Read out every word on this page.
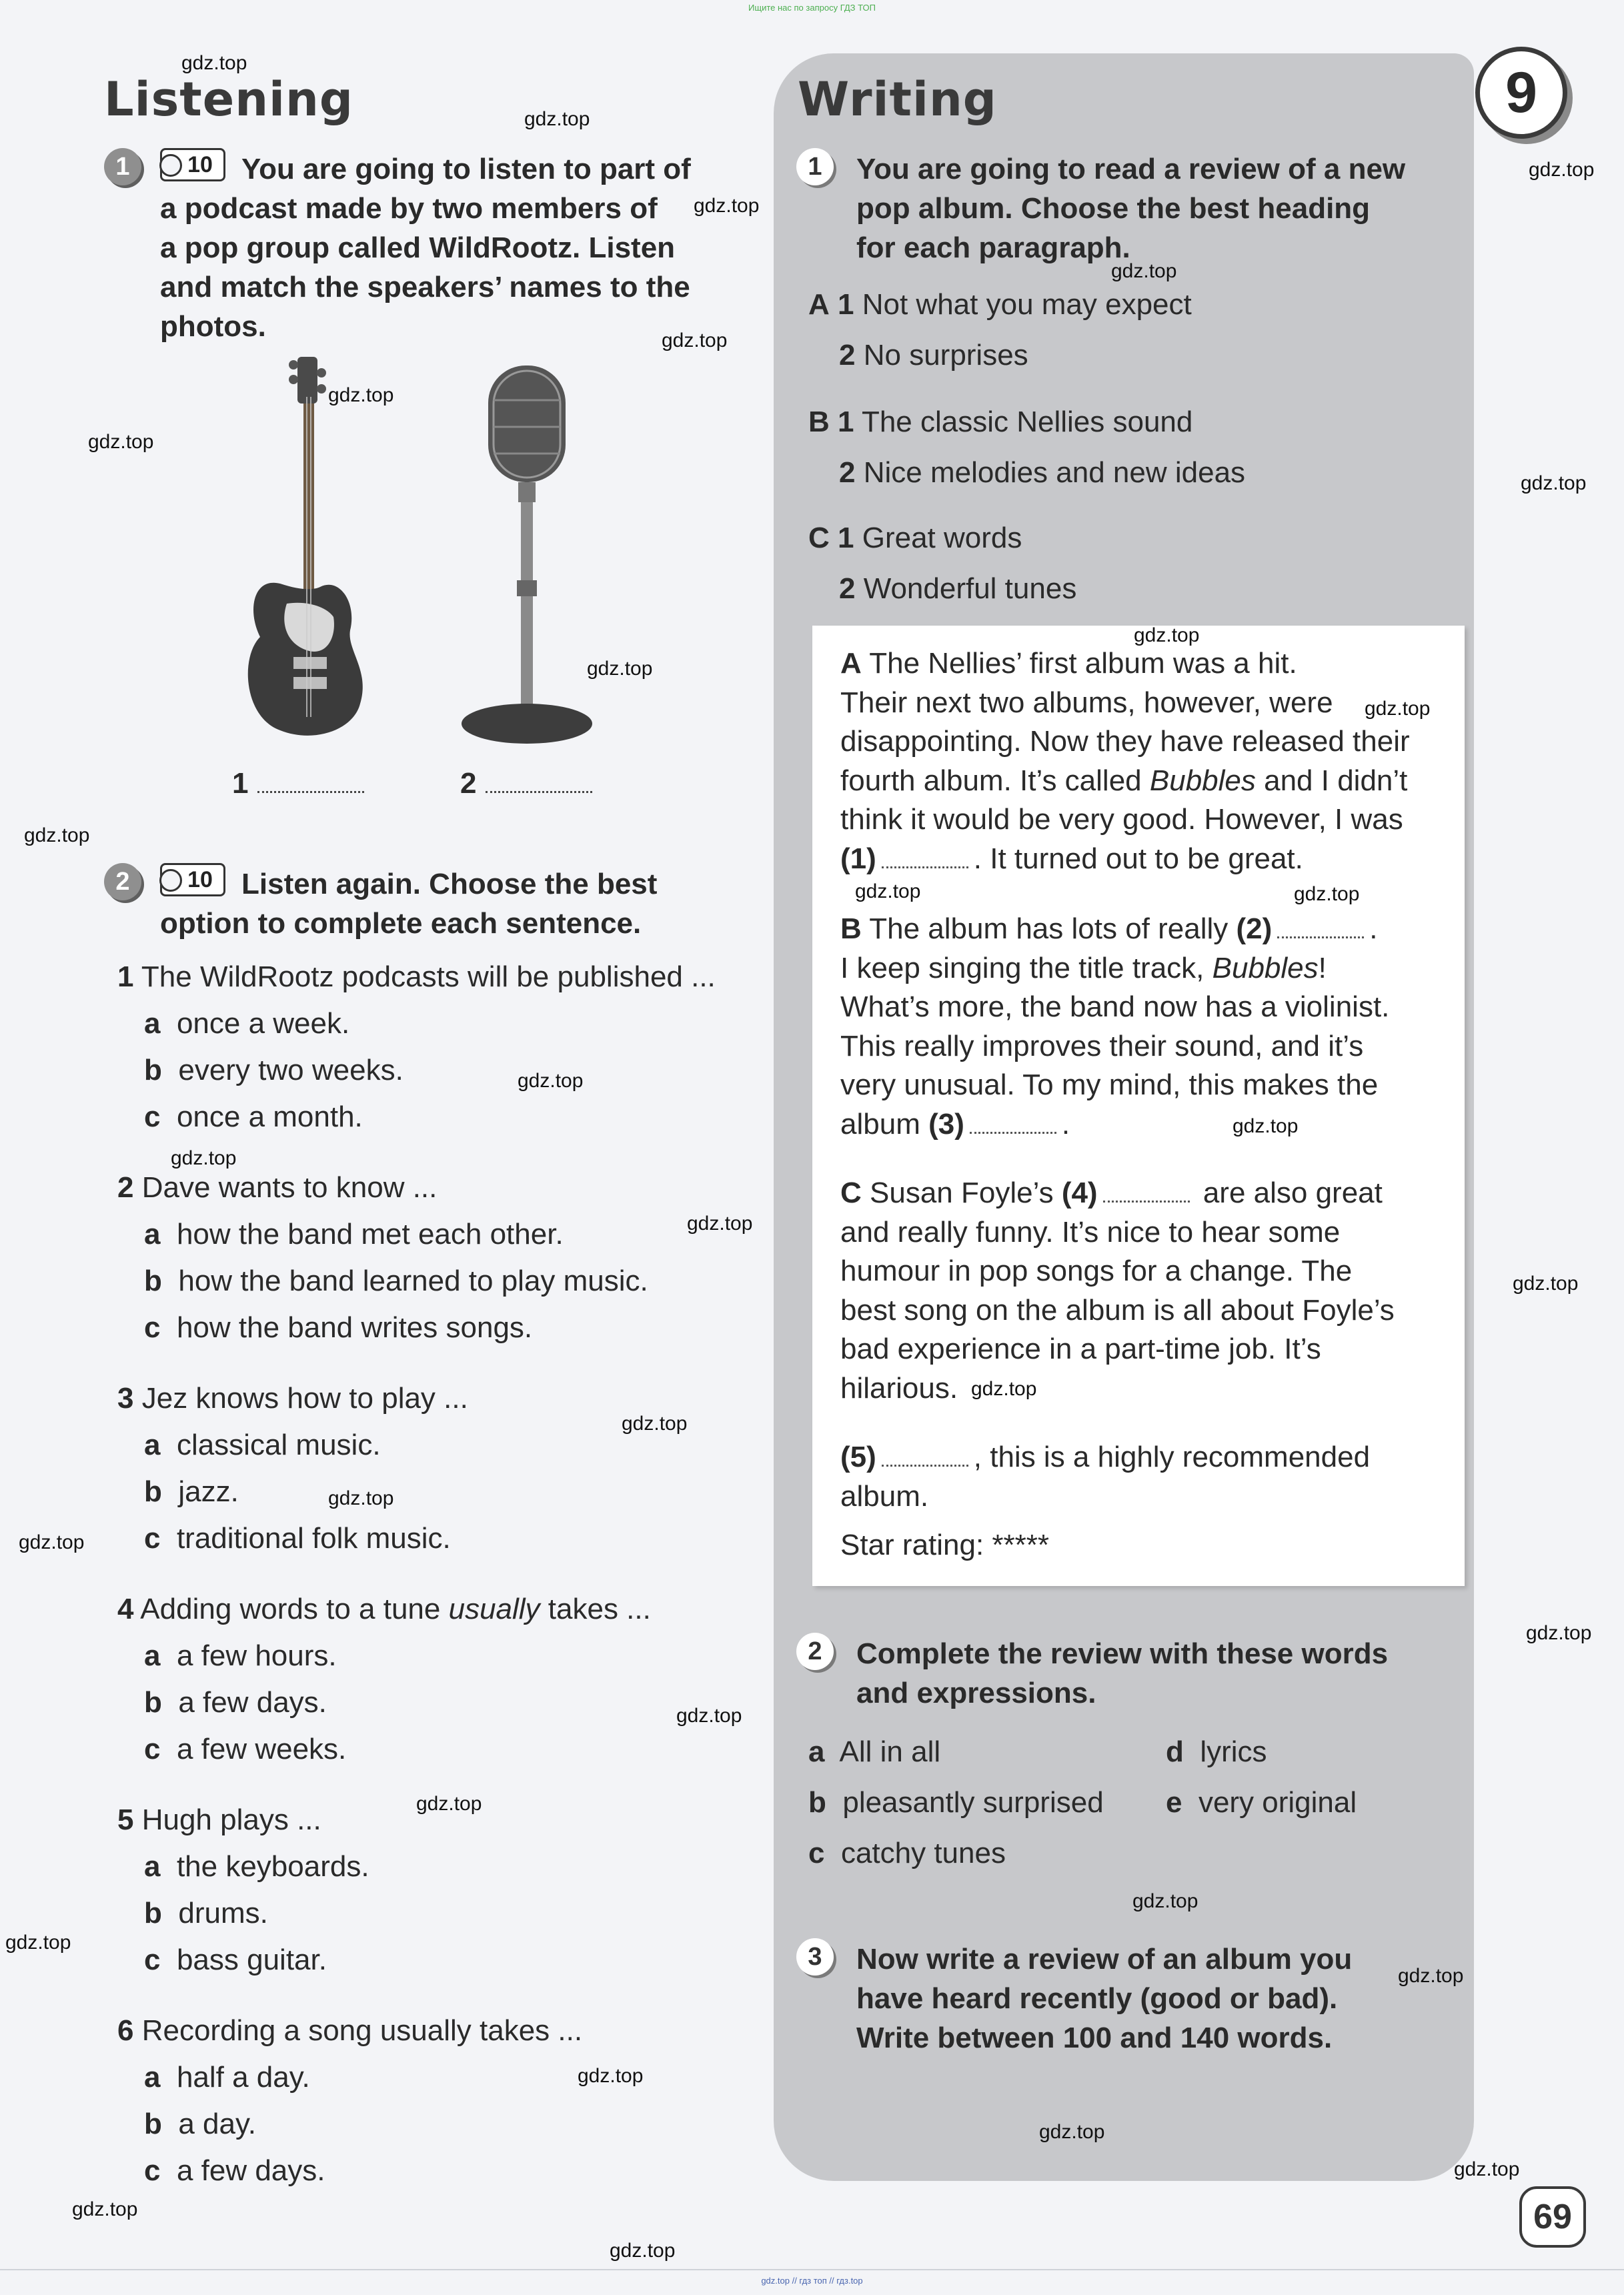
Ищите нас по запросу ГДЗ ТОП
gdz.top // гдз топ // гдз.top
Listening
1	10 You are going to listen to part of
a podcast made by two members of
a pop group called WildRootz. Listen
and match the speakers’ names to the
photos.
1	2
2	10 Listen again. Choose the best
option to complete each sentence.
1 The WildRootz podcasts will be published ...
a once a week.
b every two weeks.
c once a month.
2 Dave wants to know ...
a how the band met each other.
b how the band learned to play music.
c how the band writes songs.
3 Jez knows how to play ...
a classical music.
b jazz.
c traditional folk music.
4 Adding words to a tune usually takes ...
a a few hours.
b a few days.
c a few weeks.
5 Hugh plays ...
a the keyboards.
b drums.
c bass guitar.
6 Recording a song usually takes ...
a half a day.
b a day.
c a few days.
9
Writing
1	You are going to read a review of a new
pop album. Choose the best heading
for each paragraph.
A 1 Not what you may expect
2 No surprises
B 1 The classic Nellies sound
2 Nice melodies and new ideas
C 1 Great words
2 Wonderful tunes
A The Nellies’ first album was a hit.
Their next two albums, however, were
disappointing. Now they have released their
fourth album. It’s called Bubbles and I didn’t
think it would be very good. However, I was
(1)	. It turned out to be great.
B The album has lots of really (2)	.
I keep singing the title track, Bubbles!
What’s more, the band now has a violinist.
This really improves their sound, and it’s
very unusual. To my mind, this makes the
album (3)	.
C Susan Foyle’s (4)	are also great
and really funny. It’s nice to hear some
humour in pop songs for a change. The
best song on the album is all about Foyle’s
bad experience in a part-time job. It’s
hilarious.
(5)	, this is a highly recommended
album.
Star rating: *****
2	Complete the review with these words
and expressions.
a All in all
b pleasantly surprised
c catchy tunes
d lyrics
e very original
3	Now write a review of an album you
have heard recently (good or bad).
Write between 100 and 140 words.
69
gdz.top
gdz.top
gdz.top
gdz.top
gdz.top
gdz.top
gdz.top
gdz.top
gdz.top
gdz.top
gdz.top
gdz.top
gdz.top
gdz.top	gdz.top
gdz.top
gdz.top
gdz.top
gdz.top
gdz.top
gdz.top
gdz.top
gdz.top
gdz.top
gdz.top
gdz.top
gdz.top
gdz.top
gdz.top
gdz.top
gdz.top
gdz.top
gdz.top
gdz.top
gdz.top
